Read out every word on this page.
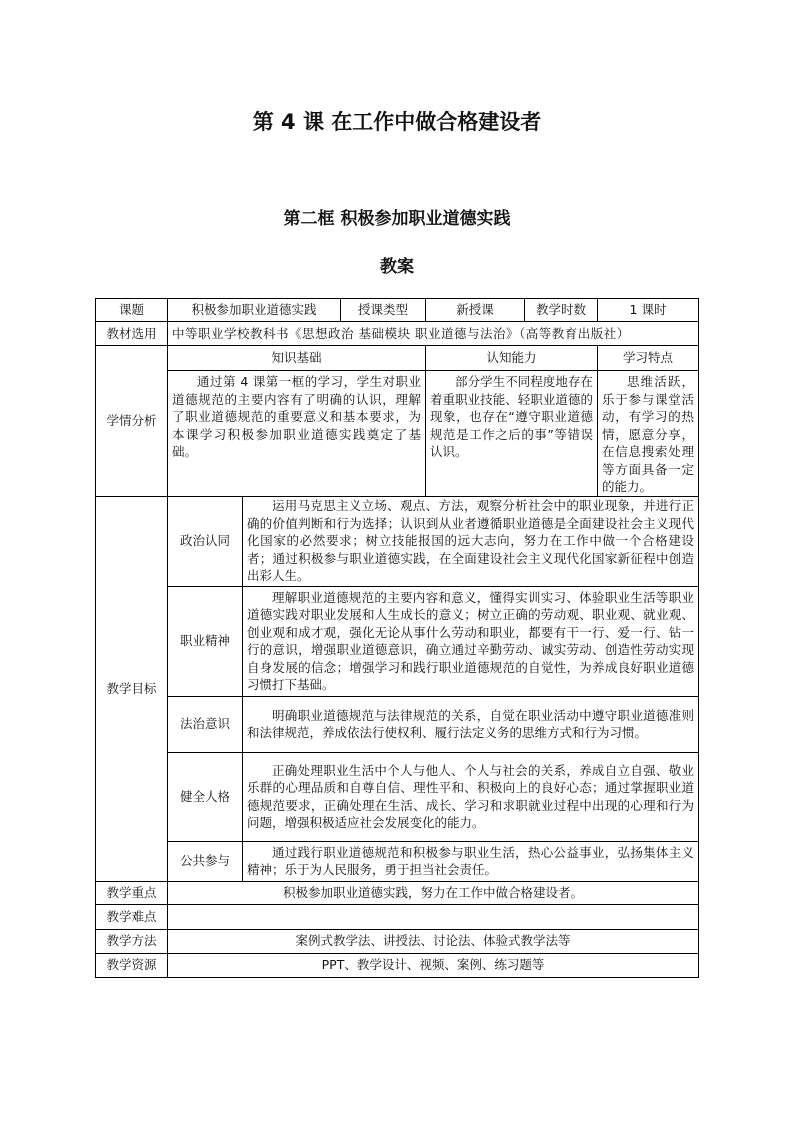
第 4 课 在工作中做合格建设者
第二框 积极参加职业道德实践
教案
课题	积极参加职业道德实践		授课类型	新授课	教学时数	1 课时
教材选用	中等职业学校教科书《思想政治 基础模块 职业道德与法治》（高等教育出版社）					
学情分析	知识基础			认知能力		学习特点
	通过第 4 课第一框的学习，学生对职业道德规范的主要内容有了明确的认识，理解了职业道德规范的重要意义和基本要求，为本课学习积极参加职业道德实践奠定了基础。			部分学生不同程度地存在着重职业技能、轻职业道德的现象，也存在“遵守职业道德规范是工作之后的事”等错误认识。		思维活跃，乐于参与课堂活动，有学习的热情，愿意分享，在信息搜索处理等方面具备一定的能力。
教学目标	政治认同	运用马克思主义立场、观点、方法，观察分析社会中的职业现象，并进行正确的价值判断和行为选择；认识到从业者遵循职业道德是全面建设社会主义现代化国家的必然要求；树立技能报国的远大志向，努力在工作中做一个合格建设者；通过积极参与职业道德实践，在全面建设社会主义现代化国家新征程中创造出彩人生。				
	职业精神	理解职业道德规范的主要内容和意义，懂得实训实习、体验职业生活等职业道德实践对职业发展和人生成长的意义；树立正确的劳动观、职业观、就业观、创业观和成才观，强化无论从事什么劳动和职业，都要有干一行、爱一行、钻一行的意识，增强职业道德意识，确立通过辛勤劳动、诚实劳动、创造性劳动实现自身发展的信念；增强学习和践行职业道德规范的自觉性，为养成良好职业道德习惯打下基础。				
	法治意识	明确职业道德规范与法律规范的关系，自觉在职业活动中遵守职业道德准则和法律规范，养成依法行使权利、履行法定义务的思维方式和行为习惯。				
	健全人格	正确处理职业生活中个人与他人、个人与社会的关系，养成自立自强、敬业乐群的心理品质和自尊自信、理性平和、积极向上的良好心态；通过掌握职业道德规范要求，正确处理在生活、成长、学习和求职就业过程中出现的心理和行为问题，增强积极适应社会发展变化的能力。				
	公共参与	通过践行职业道德规范和积极参与职业生活，热心公益事业，弘扬集体主义精神；乐于为人民服务，勇于担当社会责任。				
教学重点	积极参加职业道德实践，努力在工作中做合格建设者。					
教学难点						
教学方法	案例式教学法、讲授法、讨论法、体验式教学法等					
教学资源	PPT、教学设计、视频、案例、练习题等					
